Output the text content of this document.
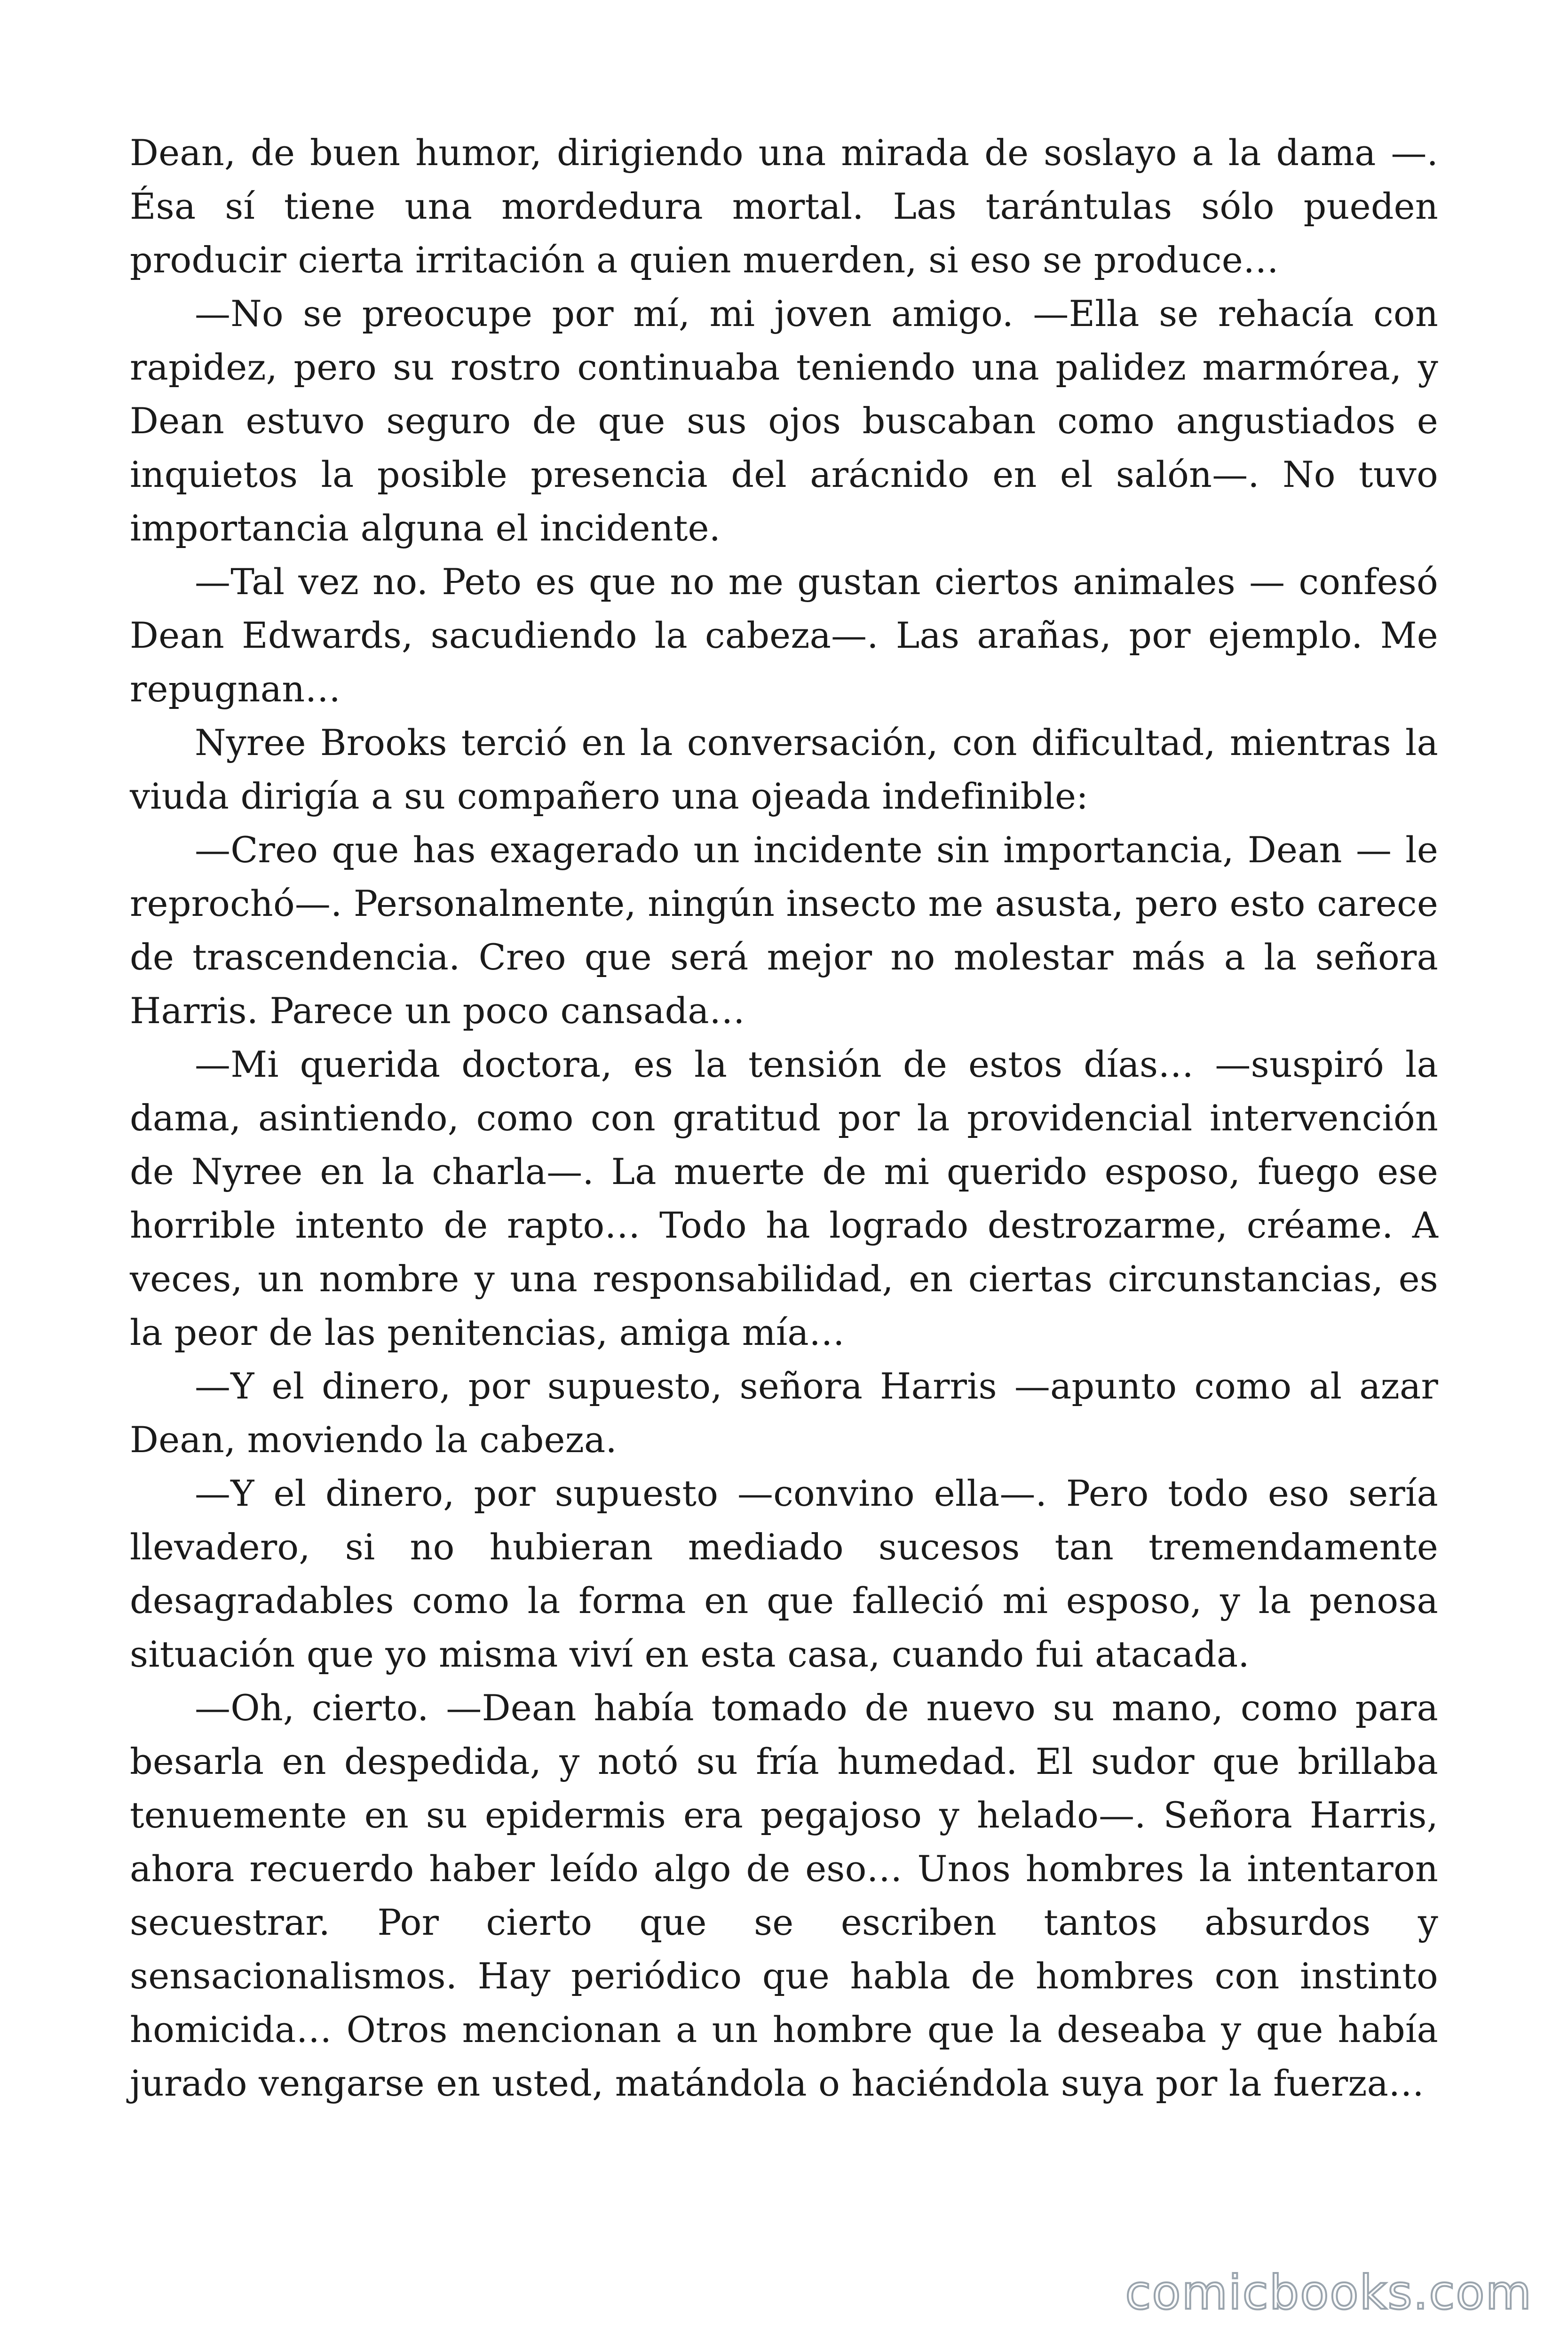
Dean, de buen humor, dirigiendo una mirada de soslayo a la dama —. Ésa sí tiene una mordedura mortal. Las tarántulas sólo pueden producir cierta irritación a quien muerden, si eso se produce…

—No se preocupe por mí, mi joven amigo. —Ella se rehacía con rapidez, pero su rostro continuaba teniendo una palidez marmórea, y Dean estuvo seguro de que sus ojos buscaban como angustiados e inquietos la posible presencia del arácnido en el salón—. No tuvo importancia alguna el incidente.

—Tal vez no. Peto es que no me gustan ciertos animales — confesó Dean Edwards, sacudiendo la cabeza—. Las arañas, por ejemplo. Me repugnan…

Nyree Brooks terció en la conversación, con dificultad, mientras la viuda dirigía a su compañero una ojeada indefinible:

—Creo que has exagerado un incidente sin importancia, Dean — le reprochó—. Personalmente, ningún insecto me asusta, pero esto carece de trascendencia. Creo que será mejor no molestar más a la señora Harris. Parece un poco cansada…

—Mi querida doctora, es la tensión de estos días… —suspiró la dama, asintiendo, como con gratitud por la providencial intervención de Nyree en la charla—. La muerte de mi querido esposo, fuego ese horrible intento de rapto… Todo ha logrado destrozarme, créame. A veces, un nombre y una responsabilidad, en ciertas circunstancias, es la peor de las penitencias, amiga mía…

—Y el dinero, por supuesto, señora Harris —apunto como al azar Dean, moviendo la cabeza.

—Y el dinero, por supuesto —convino ella—. Pero todo eso sería llevadero, si no hubieran mediado sucesos tan tremendamente desagradables como la forma en que falleció mi esposo, y la penosa situación que yo misma viví en esta casa, cuando fui atacada.

—Oh, cierto. —Dean había tomado de nuevo su mano, como para besarla en despedida, y notó su fría humedad. El sudor que brillaba tenuemente en su epidermis era pegajoso y helado—. Señora Harris, ahora recuerdo haber leído algo de eso… Unos hombres la intentaron secuestrar. Por cierto que se escriben tantos absurdos y sensacionalismos. Hay periódico que habla de hombres con instinto homicida… Otros mencionan a un hombre que la deseaba y que había jurado vengarse en usted, matándola o haciéndola suya por la fuerza…

comicbooks.com
